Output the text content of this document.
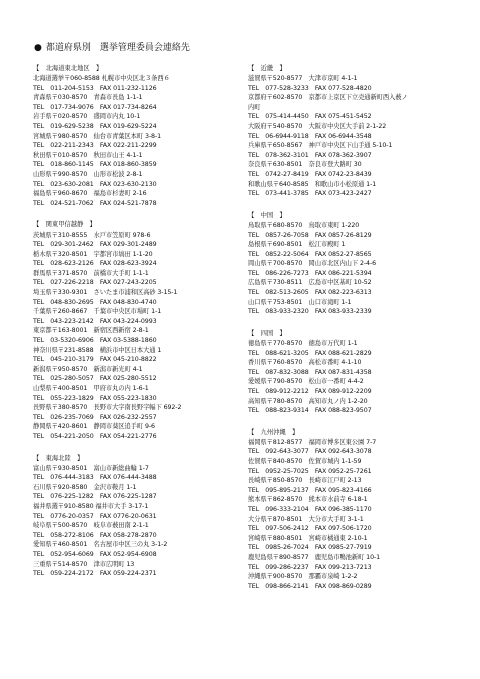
● 都道府県別　選挙管理委員会連絡先
【　北海道東北地区　】
北海道選挙〒060-8588 札幌市中央区北３条西６
TEL　011-204-5153　FAX 011-232-1126
青森県〒030-8570　青森市長島 1-1-1
TEL　017-734-9076　FAX 017-734-8264
岩手県〒020-8570　盛岡市内丸 10-1
TEL　019-629-5238　FAX 019-629-5224
宮城県〒980-8570　仙台市青葉区本町 3-8-1
TEL　022-211-2343　FAX 022-211-2299
秋田県〒010-8570　秋田市山王 4-1-1
TEL　018-860-1145　FAX 018-860-3859
山形県〒990-8570　山形市松波 2-8-1
TEL　023-630-2081　FAX 023-630-2130
福島県〒960-8670　福島市杉妻町 2-16
TEL　024-521-7062　FAX 024-521-7878
【　関東甲信越静　】
茨城県〒310-8555　水戸市笠原町 978-6
TEL　029-301-2462　FAX 029-301-2489
栃木県〒320-8501　宇都宮市塙田 1-1-20
TEL　028-623-2126　FAX 028-623-3924
群馬県〒371-8570　前橋市大手町 1-1-1
TEL　027-226-2218　FAX 027-243-2205
埼玉県〒330-9301　さいたま市浦和区高砂 3-15-1
TEL　048-830-2695　FAX 048-830-4740
千葉県〒260-8667　千葉市中央区市場町 1-1
TEL　043-223-2142　FAX 043-224-0993
東京都〒163-8001　新宿区西新宿 2-8-1
TEL　03-5320-6906　FAX 03-5388-1860
神奈川県〒231-8588　横浜市中区日本大通 1
TEL　045-210-3179　FAX 045-210-8822
新潟県〒950-8570　新潟市新光町 4-1
TEL　025-280-5057　FAX 025-280-5512
山梨県〒400-8501　甲府市丸の内 1-6-1
TEL　055-223-1829　FAX 055-223-1830
長野県〒380-8570　長野市大字南長野字幅下 692-2
TEL　026-235-7069　FAX 026-232-2557
静岡県〒420-8601　静岡市葵区追手町 9-6
TEL　054-221-2050　FAX 054-221-2776
【　東海北陸　】
富山県〒930-8501　富山市新総曲輪 1-7
TEL　076-444-3183　FAX 076-444-3488
石川県〒920-8580　金沢市鞍月 1-1
TEL　076-225-1282　FAX 076-225-1287
福井県選〒910-8580 福井市大手 3-17-1
TEL　0776-20-0357　FAX 0776-20-0631
岐阜県〒500-8570　岐阜市薮田南 2-1-1
TEL　058-272-8106　FAX 058-278-2870
愛知県〒460-8501　名古屋市中区三の丸 3-1-2
TEL　052-954-6069　FAX 052-954-6908
三重県〒514-8570　津市広明町 13
TEL　059-224-2172　FAX 059-224-2371
【　近畿　】
滋賀県〒520-8577　大津市京町 4-1-1
TEL　077-528-3233　FAX 077-528-4820
京都府〒602-8570　京都市上京区下立売通新町西入薮ノ
内町
TEL　075-414-4450　FAX 075-451-5452
大阪府〒540-8570　大阪市中央区大手前 2-1-22
TEL　06-6944-9118　FAX 06-6944-3548
兵庫県〒650-8567　神戸市中央区下山手通 5-10-1
TEL　078-362-3101　FAX 078-362-3907
奈良県〒630-8501　奈良市登大路町 30
TEL　0742-27-8419　FAX 0742-23-8439
和歌山県〒640-8585　和歌山市小松原通 1-1
TEL　073-441-3785　FAX 073-423-2427
【　中国　】
鳥取県〒680-8570　鳥取市東町 1-220
TEL　0857-26-7058　FAX 0857-26-8129
島根県〒690-8501　松江市殿町 1
TEL　0852-22-5064　FAX 0852-27-8565
岡山県〒700-8570　岡山市北区内山下 2-4-6
TEL　086-226-7273　FAX 086-221-5394
広島県〒730-8511　広島市中区基町 10-52
TEL　082-513-2605　FAX 082-223-6313
山口県〒753-8501　山口市滝町 1-1
TEL　083-933-2320　FAX 083-933-2339
【　四国　】
徳島県〒770-8570　徳島市万代町 1-1
TEL　088-621-3205　FAX 088-621-2829
香川県〒760-8570　高松市番町 4-1-10
TEL　087-832-3088　FAX 087-831-4358
愛媛県〒790-8570　松山市一番町 4-4-2
TEL　089-912-2212　FAX 089-912-2209
高知県〒780-8570　高知市丸ノ内 1-2-20
TEL　088-823-9314　FAX 088-823-9507
【　九州沖縄　】
福岡県〒812-8577　福岡市博多区東公園 7-7
TEL　092-643-3077　FAX 092-643-3078
佐賀県〒840-8570　佐賀市城内 1-1-59
TEL　0952-25-7025　FAX 0952-25-7261
長崎県〒850-8570　長崎市江戸町 2-13
TEL　095-895-2137　FAX 095-823-4166
熊本県〒862-8570　熊本市水前寺 6-18-1
TEL　096-333-2104　FAX 096-385-1170
大分県〒870-8501　大分市大手町 3-1-1
TEL　097-506-2412　FAX 097-506-1720
宮崎県〒880-8501　宮崎市橘通東 2-10-1
TEL　0985-26-7024　FAX 0985-27-7919
鹿児島県〒890-8577　鹿児島市鴨池新町 10-1
TEL　099-286-2237　FAX 099-213-7213
沖縄県〒900-8570　那覇市泉崎 1-2-2
TEL　098-866-2141　FAX 098-869-0289
